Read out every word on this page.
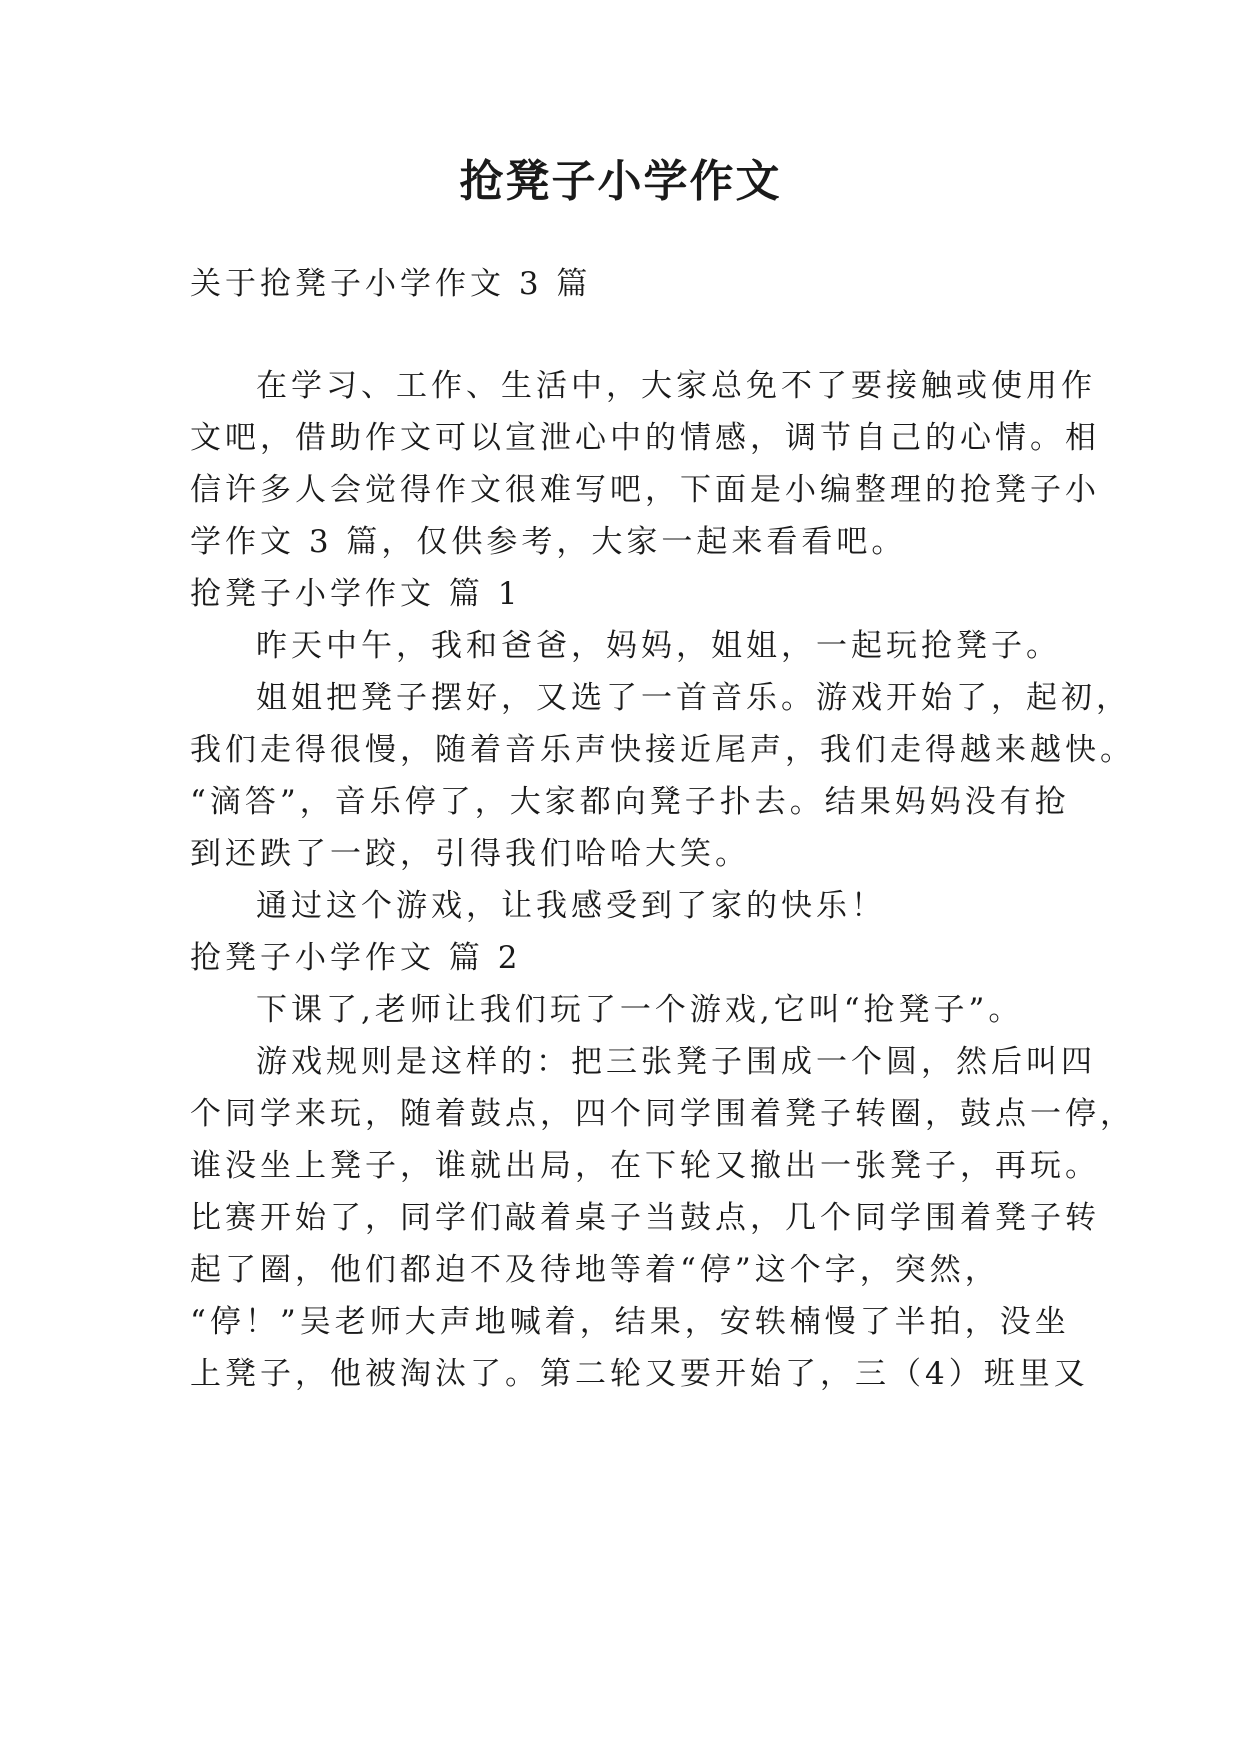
抢凳子小学作文
关于抢凳子小学作文 3 篇
在学习、工作、生活中，大家总免不了要接触或使用作
文吧，借助作文可以宣泄心中的情感，调节自己的心情。相
信许多人会觉得作文很难写吧，下面是小编整理的抢凳子小
学作文 3 篇，仅供参考，大家一起来看看吧。
抢凳子小学作文 篇 1
昨天中午，我和爸爸，妈妈，姐姐，一起玩抢凳子。
姐姐把凳子摆好，又选了一首音乐。游戏开始了，起初，
我们走得很慢，随着音乐声快接近尾声，我们走得越来越快。
“滴答”，音乐停了，大家都向凳子扑去。结果妈妈没有抢
到还跌了一跤，引得我们哈哈大笑。
通过这个游戏，让我感受到了家的快乐！
抢凳子小学作文 篇 2
下课了,老师让我们玩了一个游戏,它叫“抢凳子”。
游戏规则是这样的：把三张凳子围成一个圆，然后叫四
个同学来玩，随着鼓点，四个同学围着凳子转圈，鼓点一停，
谁没坐上凳子，谁就出局，在下轮又撤出一张凳子，再玩。
比赛开始了，同学们敲着桌子当鼓点，几个同学围着凳子转
起了圈，他们都迫不及待地等着“停”这个字，突然，
“停！”吴老师大声地喊着，结果，安轶楠慢了半拍，没坐
上凳子，他被淘汰了。第二轮又要开始了，三（4）班里又
